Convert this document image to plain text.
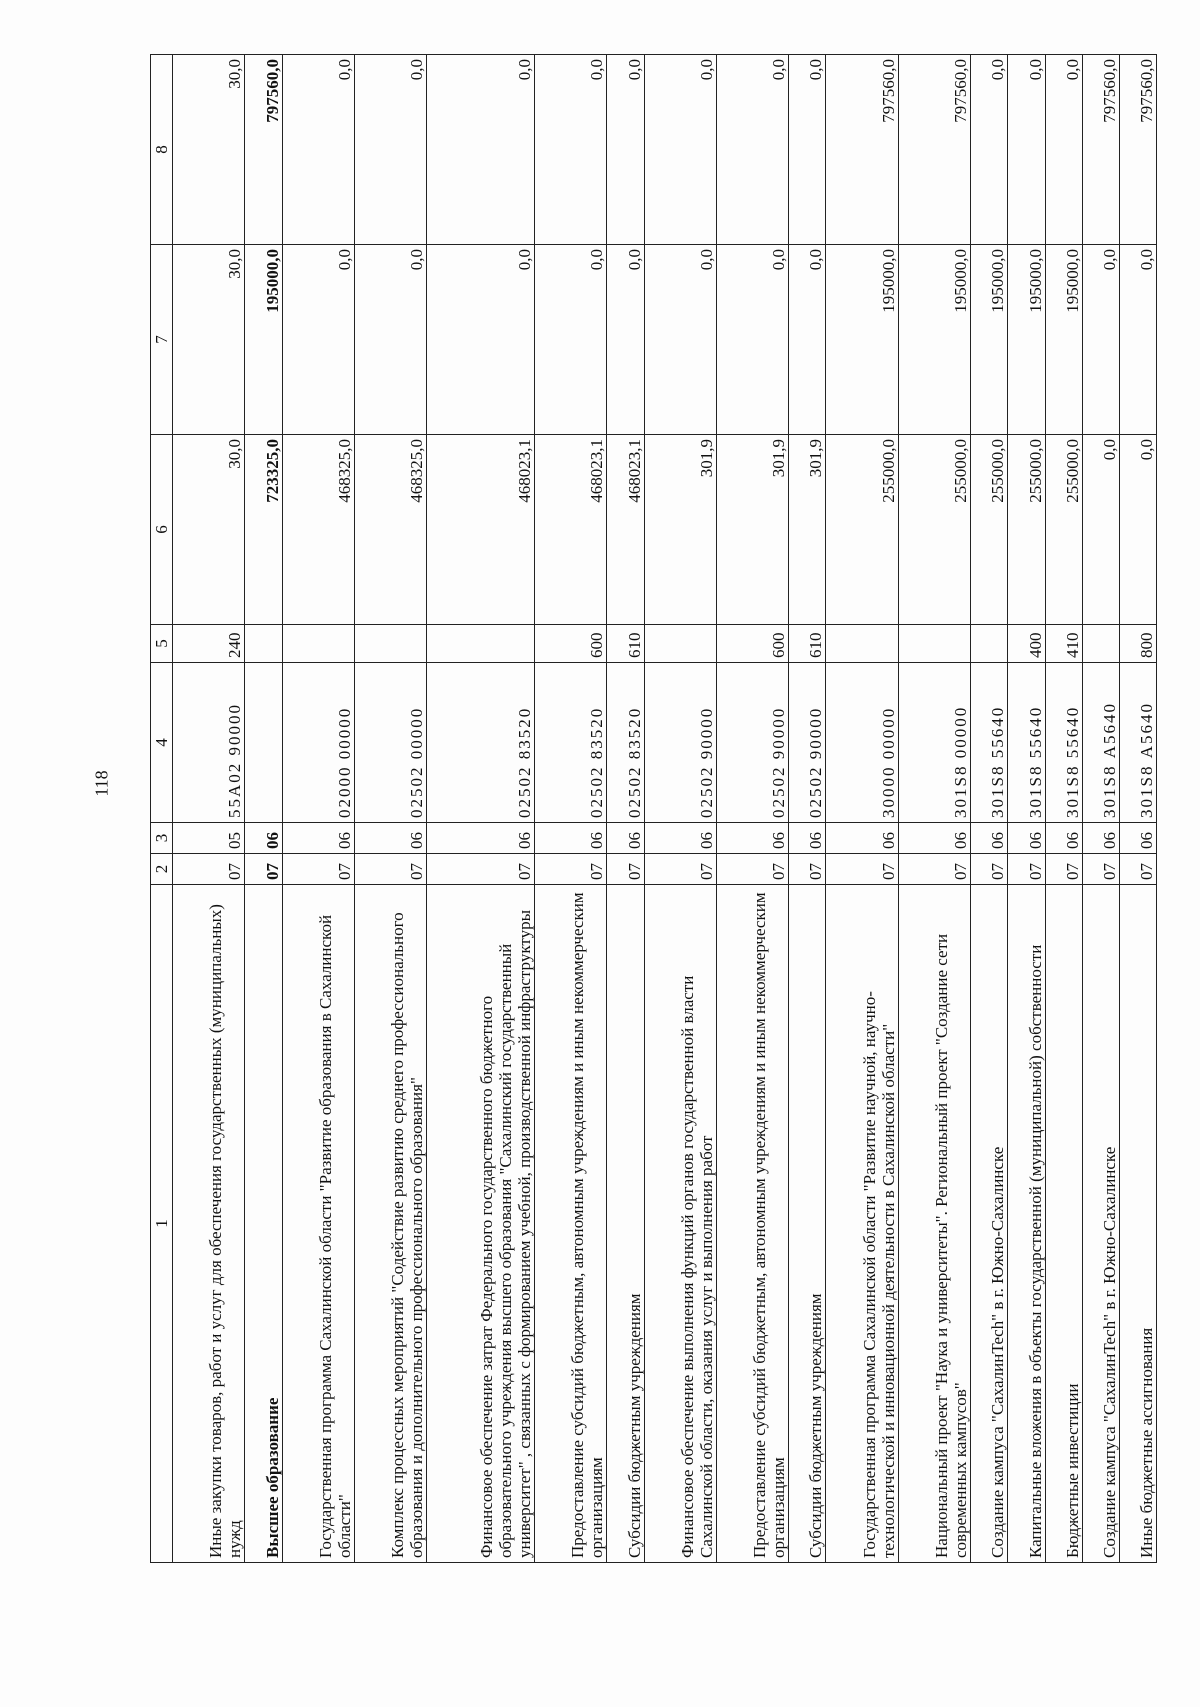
118
1	2	3	4	5	6	7	8
Иные закупки товаров, работ и услуг для обеспечения государственных (муниципальных) нужд	07	05	55А02 90000	240	30,0	30,0	30,0
Высшее образование	07	06			723325,0	195000,0	797560,0
Государственная программа Сахалинской области "Развитие образования в Сахалинской области"	07	06	02000 00000		468325,0	0,0	0,0
Комплекс процессных мероприятий "Содействие развитию среднего профессионального образования и дополнительного профессионального образования"	07	06	02502 00000		468325,0	0,0	0,0
Финансовое обеспечение затрат Федерального государственного бюджетного образовательного учреждения высшего образования "Сахалинский государственный университет" , связанных с формированием учебной, производственной инфраструктуры	07	06	02502 83520		468023,1	0,0	0,0
Предоставление субсидий бюджетным, автономным учреждениям и иным некоммерческим организациям	07	06	02502 83520	600	468023,1	0,0	0,0
Субсидии бюджетным учреждениям	07	06	02502 83520	610	468023,1	0,0	0,0
Финансовое обеспечение выполнения функций органов государственной власти Сахалинской области, оказания услуг и выполнения работ	07	06	02502 90000		301,9	0,0	0,0
Предоставление субсидий бюджетным, автономным учреждениям и иным некоммерческим организациям	07	06	02502 90000	600	301,9	0,0	0,0
Субсидии бюджетным учреждениям	07	06	02502 90000	610	301,9	0,0	0,0
Государственная программа Сахалинской области "Развитие научной, научно-технологической и инновационной деятельности в Сахалинской области"	07	06	30000 00000		255000,0	195000,0	797560,0
Национальный проект "Наука и университеты". Региональный проект "Создание сети современных кампусов"	07	06	301S8 00000		255000,0	195000,0	797560,0
Создание кампуса "СахалинTech" в г. Южно-Сахалинске	07	06	301S8 55640		255000,0	195000,0	0,0
Капитальные вложения в объекты государственной (муниципальной) собственности	07	06	301S8 55640	400	255000,0	195000,0	0,0
Бюджетные инвестиции	07	06	301S8 55640	410	255000,0	195000,0	0,0
Создание кампуса "СахалинTech" в г. Южно-Сахалинске	07	06	301S8 А5640		0,0	0,0	797560,0
Иные бюджетные ассигнования	07	06	301S8 А5640	800	0,0	0,0	797560,0
